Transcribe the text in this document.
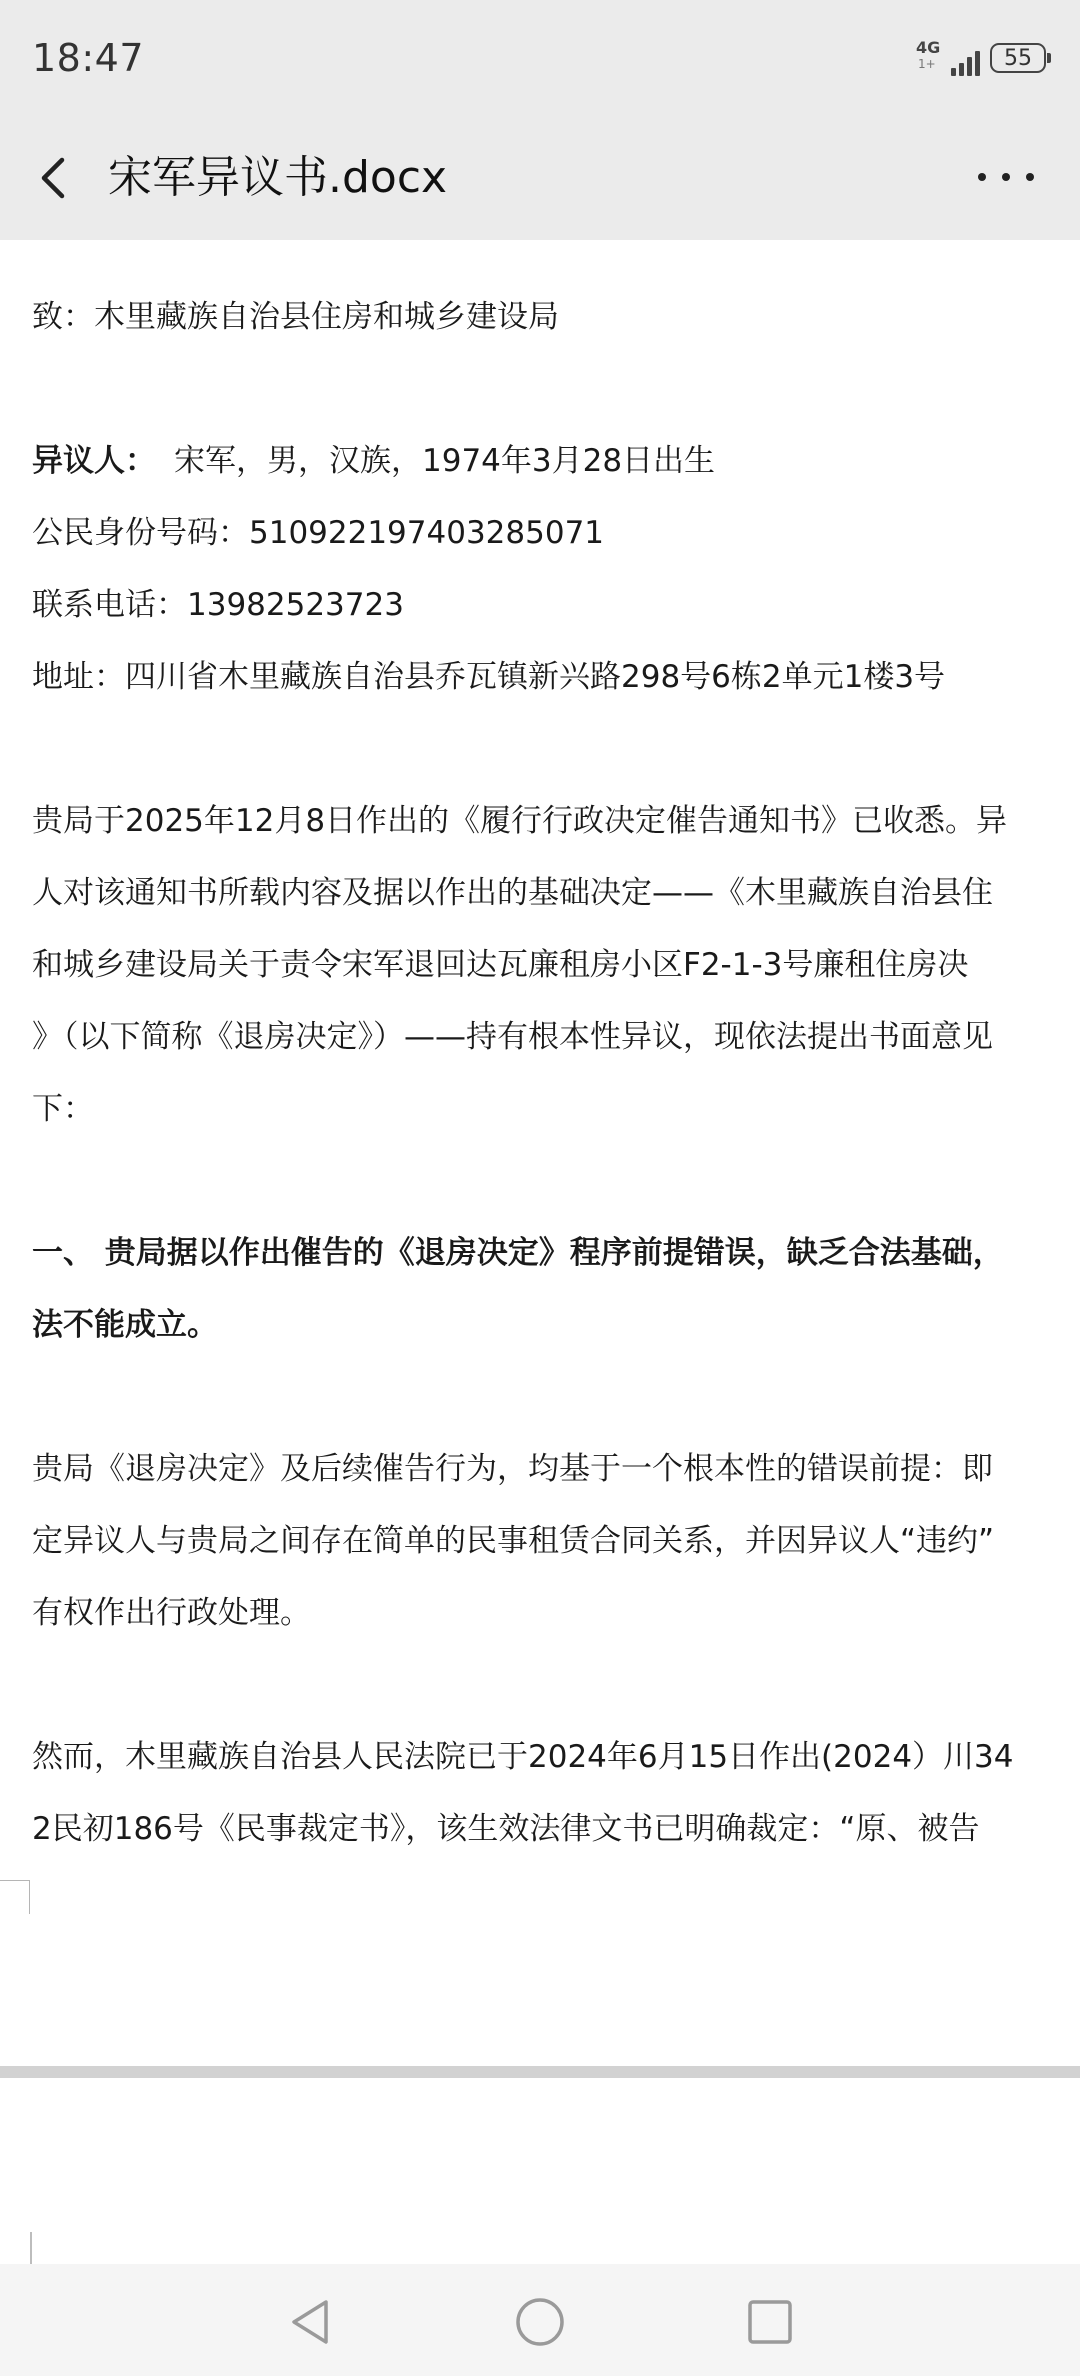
18:47	4G
1+	55
宋军异议书.docx
致：木里藏族自治县住房和城乡建设局
异议人： 宋军，男，汉族，1974年3月28日出生
公民身份号码：510922197403285071
联系电话：13982523723
地址：四川省木里藏族自治县乔瓦镇新兴路298号6栋2单元1楼3号
贵局于2025年12月8日作出的《履行行政决定催告通知书》已收悉。异
人对该通知书所载内容及据以作出的基础决定——《木里藏族自治县住
和城乡建设局关于责令宋军退回达瓦廉租房小区F2-1-3号廉租住房决
》（以下简称《退房决定》）——持有根本性异议，现依法提出书面意见
下：
一、 贵局据以作出催告的《退房决定》程序前提错误，缺乏合法基础，
法不能成立。
贵局《退房决定》及后续催告行为，均基于一个根本性的错误前提：即
定异议人与贵局之间存在简单的民事租赁合同关系，并因异议人“违约”
有权作出行政处理。
然而，木里藏族自治县人民法院已于2024年6月15日作出(2024）川34
2民初186号《民事裁定书》，该生效法律文书已明确裁定：“原、被告
